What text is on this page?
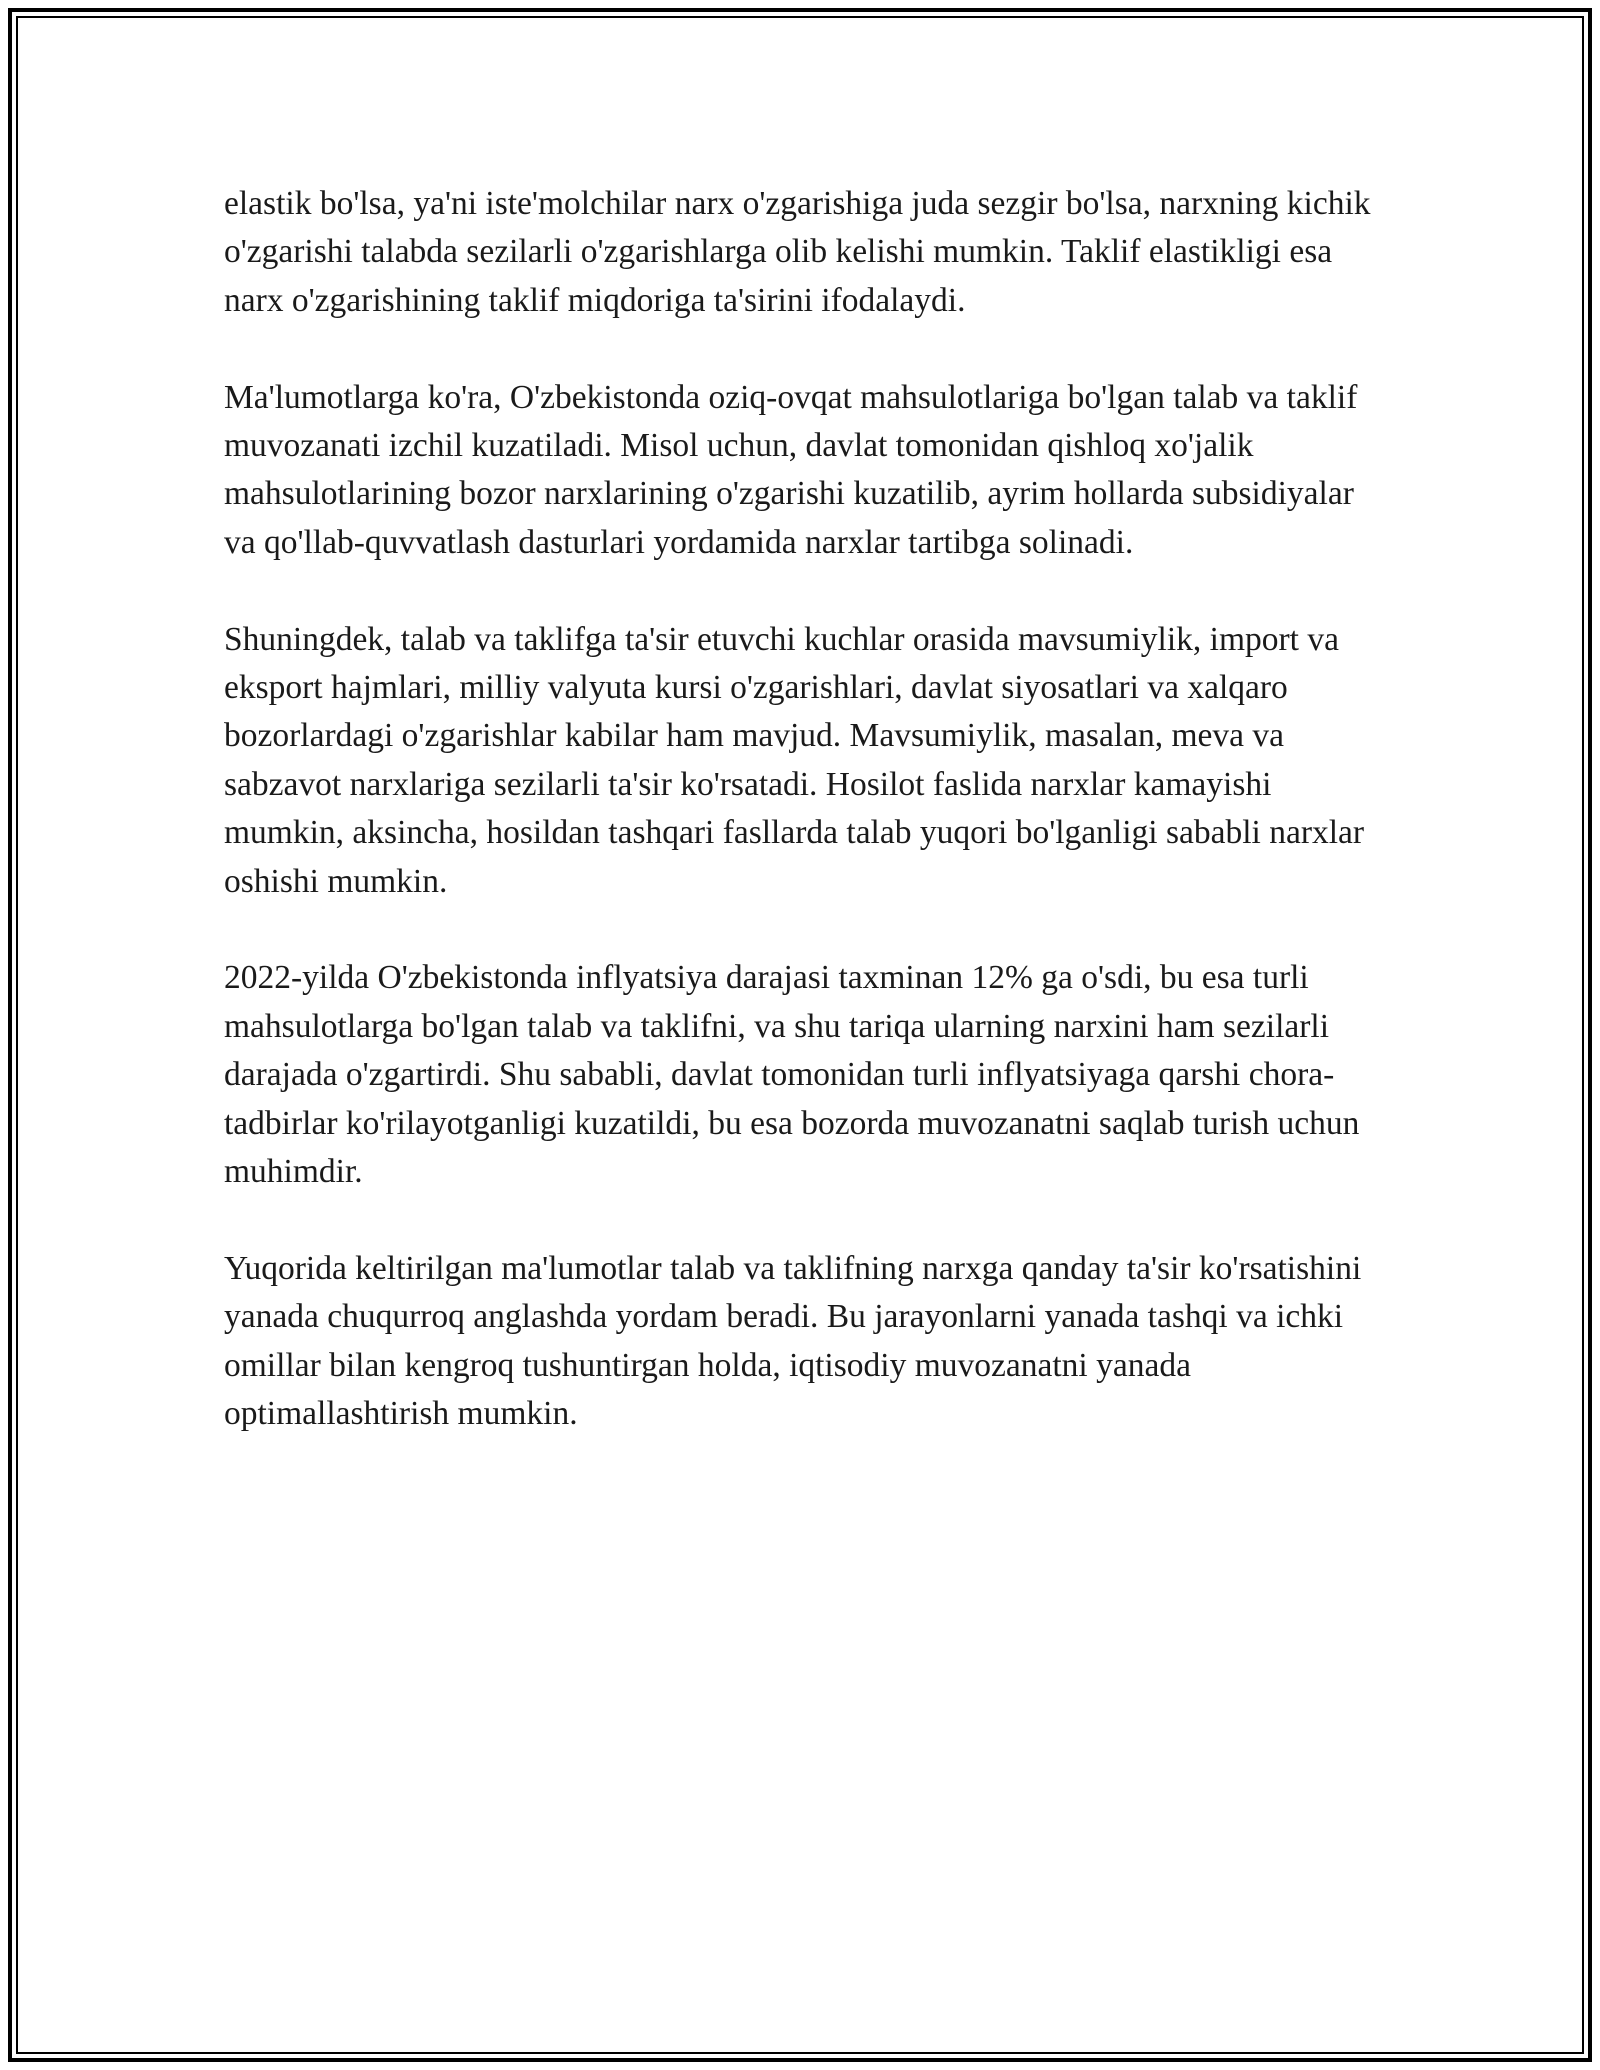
elastik bo'lsa, ya'ni iste'molchilar narx o'zgarishiga juda sezgir bo'lsa, narxning kichik o'zgarishi talabda sezilarli o'zgarishlarga olib kelishi mumkin. Taklif elastikligi esa narx o'zgarishining taklif miqdoriga ta'sirini ifodalaydi.

Ma'lumotlarga ko'ra, O'zbekistonda oziq-ovqat mahsulotlariga bo'lgan talab va taklif muvozanati izchil kuzatiladi. Misol uchun, davlat tomonidan qishloq xo'jalik mahsulotlarining bozor narxlarining o'zgarishi kuzatilib, ayrim hollarda subsidiyalar va qo'llab-quvvatlash dasturlari yordamida narxlar tartibga solinadi.

Shuningdek, talab va taklifga ta'sir etuvchi kuchlar orasida mavsumiylik, import va eksport hajmlari, milliy valyuta kursi o'zgarishlari, davlat siyosatlari va xalqaro bozorlardagi o'zgarishlar kabilar ham mavjud. Mavsumiylik, masalan, meva va sabzavot narxlariga sezilarli ta'sir ko'rsatadi. Hosilot faslida narxlar kamayishi mumkin, aksincha, hosildan tashqari fasllarda talab yuqori bo'lganligi sababli narxlar oshishi mumkin.

2022-yilda O'zbekistonda inflyatsiya darajasi taxminan 12% ga o'sdi, bu esa turli mahsulotlarga bo'lgan talab va taklifni, va shu tariqa ularning narxini ham sezilarli darajada o'zgartirdi. Shu sababli, davlat tomonidan turli inflyatsiyaga qarshi chora-tadbirlar ko'rilayotganligi kuzatildi, bu esa bozorda muvozanatni saqlab turish uchun muhimdir.

Yuqorida keltirilgan ma'lumotlar talab va taklifning narxga qanday ta'sir ko'rsatishini yanada chuqurroq anglashda yordam beradi. Bu jarayonlarni yanada tashqi va ichki omillar bilan kengroq tushuntirgan holda, iqtisodiy muvozanatni yanada optimallashtirish mumkin.
